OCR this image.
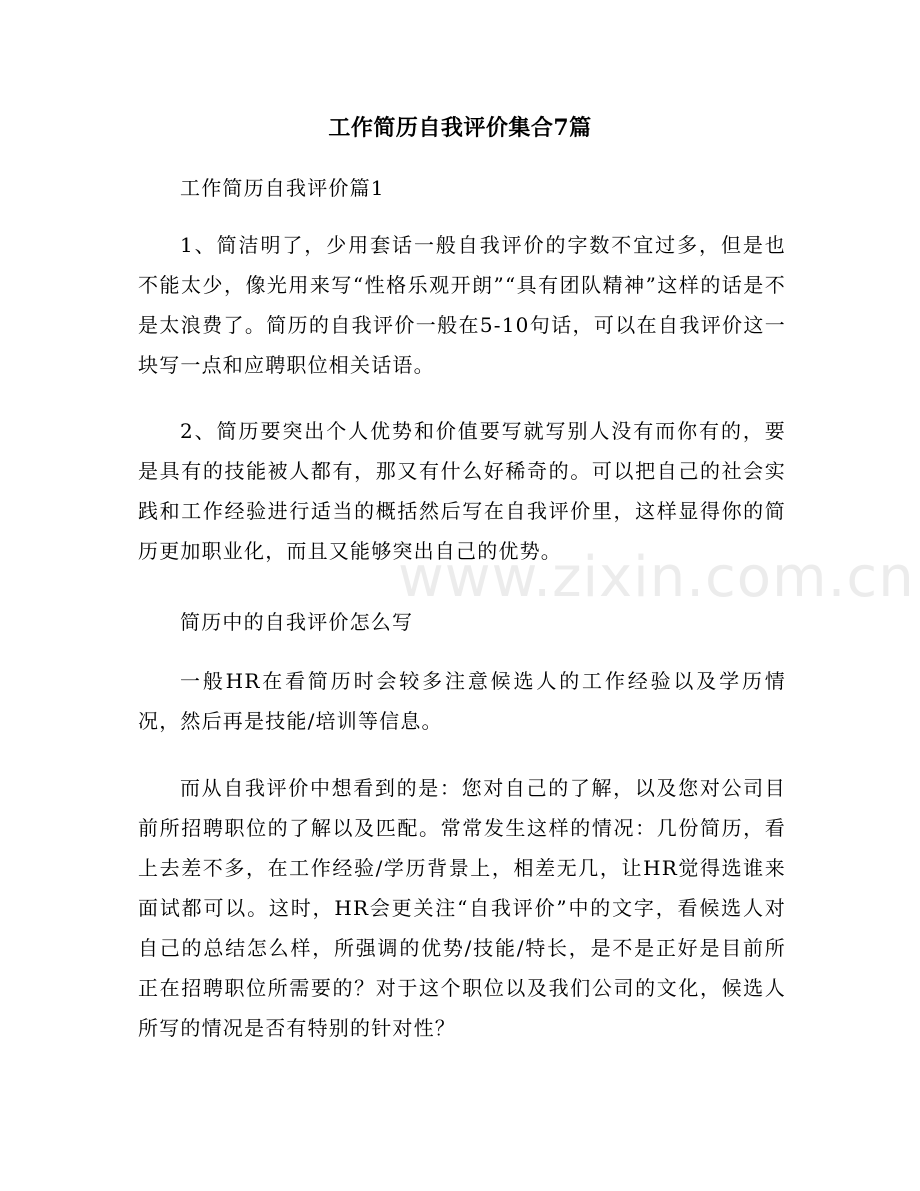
工作简历自我评价集合7篇

工作简历自我评价篇1

1、简洁明了，少用套话一般自我评价的字数不宜过多，但是也不能太少，像光用来写“性格乐观开朗”“具有团队精神”这样的话是不是太浪费了。简历的自我评价一般在5-10句话，可以在自我评价这一块写一点和应聘职位相关话语。

2、简历要突出个人优势和价值要写就写别人没有而你有的，要是具有的技能被人都有，那又有什么好稀奇的。可以把自己的社会实践和工作经验进行适当的概括然后写在自我评价里，这样显得你的简历更加职业化，而且又能够突出自己的优势。

简历中的自我评价怎么写

一般HR在看简历时会较多注意候选人的工作经验以及学历情况，然后再是技能/培训等信息。

而从自我评价中想看到的是：您对自己的了解，以及您对公司目前所招聘职位的了解以及匹配。常常发生这样的情况：几份简历，看上去差不多，在工作经验/学历背景上，相差无几，让HR觉得选谁来面试都可以。这时，HR会更关注“自我评价”中的文字，看候选人对自己的总结怎么样，所强调的优势/技能/特长，是不是正好是目前所正在招聘职位所需要的？对于这个职位以及我们公司的文化，候选人所写的情况是否有特别的针对性？

www.zixin.com.cn
